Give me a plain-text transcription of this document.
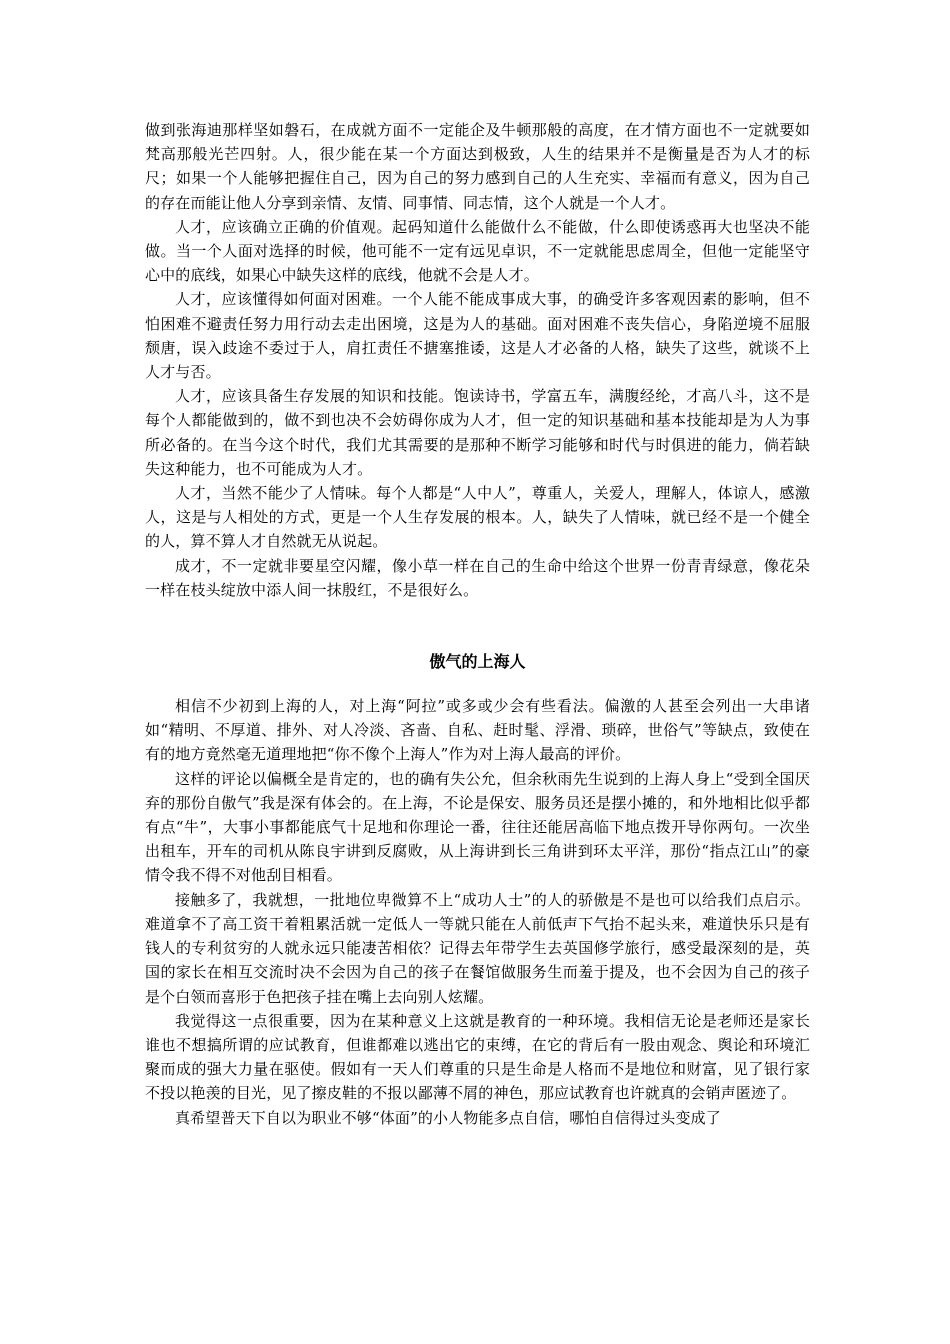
做到张海迪那样坚如磐石，在成就方面不一定能企及牛顿那般的高度，在才情方面也不一定就要如梵高那般光芒四射。人，很少能在某一个方面达到极致，人生的结果并不是衡量是否为人才的标尺；如果一个人能够把握住自己，因为自己的努力感到自己的人生充实、幸福而有意义，因为自己的存在而能让他人分享到亲情、友情、同事情、同志情，这个人就是一个人才。

人才，应该确立正确的价值观。起码知道什么能做什么不能做，什么即使诱惑再大也坚决不能做。当一个人面对选择的时候，他可能不一定有远见卓识，不一定就能思虑周全，但他一定能坚守心中的底线，如果心中缺失这样的底线，他就不会是人才。

人才，应该懂得如何面对困难。一个人能不能成事成大事，的确受许多客观因素的影响，但不怕困难不避责任努力用行动去走出困境，这是为人的基础。面对困难不丧失信心，身陷逆境不屈服颓唐，误入歧途不委过于人，肩扛责任不搪塞推诿，这是人才必备的人格，缺失了这些，就谈不上人才与否。

人才，应该具备生存发展的知识和技能。饱读诗书，学富五车，满腹经纶，才高八斗，这不是每个人都能做到的，做不到也决不会妨碍你成为人才，但一定的知识基础和基本技能却是为人为事所必备的。在当今这个时代，我们尤其需要的是那种不断学习能够和时代与时俱进的能力，倘若缺失这种能力，也不可能成为人才。

人才，当然不能少了人情味。每个人都是“人中人”，尊重人，关爱人，理解人，体谅人，感激人，这是与人相处的方式，更是一个人生存发展的根本。人，缺失了人情味，就已经不是一个健全的人，算不算人才自然就无从说起。

成才，不一定就非要星空闪耀，像小草一样在自己的生命中给这个世界一份青青绿意，像花朵一样在枝头绽放中添人间一抹殷红，不是很好么。

傲气的上海人

相信不少初到上海的人，对上海“阿拉”或多或少会有些看法。偏激的人甚至会列出一大串诸如“精明、不厚道、排外、对人冷淡、吝啬、自私、赶时髦、浮滑、琐碎，世俗气”等缺点，致使在有的地方竟然毫无道理地把“你不像个上海人”作为对上海人最高的评价。

这样的评论以偏概全是肯定的，也的确有失公允，但余秋雨先生说到的上海人身上“受到全国厌弃的那份自傲气”我是深有体会的。在上海，不论是保安、服务员还是摆小摊的，和外地相比似乎都有点“牛”，大事小事都能底气十足地和你理论一番，往往还能居高临下地点拨开导你两句。一次坐出租车，开车的司机从陈良宇讲到反腐败，从上海讲到长三角讲到环太平洋，那份“指点江山”的豪情令我不得不对他刮目相看。

接触多了，我就想，一批地位卑微算不上“成功人士”的人的骄傲是不是也可以给我们点启示。难道拿不了高工资干着粗累活就一定低人一等就只能在人前低声下气抬不起头来，难道快乐只是有钱人的专利贫穷的人就永远只能凄苦相依？记得去年带学生去英国修学旅行，感受最深刻的是，英国的家长在相互交流时决不会因为自己的孩子在餐馆做服务生而羞于提及，也不会因为自己的孩子是个白领而喜形于色把孩子挂在嘴上去向别人炫耀。

我觉得这一点很重要，因为在某种意义上这就是教育的一种环境。我相信无论是老师还是家长谁也不想搞所谓的应试教育，但谁都难以逃出它的束缚，在它的背后有一股由观念、舆论和环境汇聚而成的强大力量在驱使。假如有一天人们尊重的只是生命是人格而不是地位和财富，见了银行家不投以艳羡的目光，见了擦皮鞋的不报以鄙薄不屑的神色，那应试教育也许就真的会销声匿迹了。

真希望普天下自以为职业不够“体面”的小人物能多点自信，哪怕自信得过头变成了
